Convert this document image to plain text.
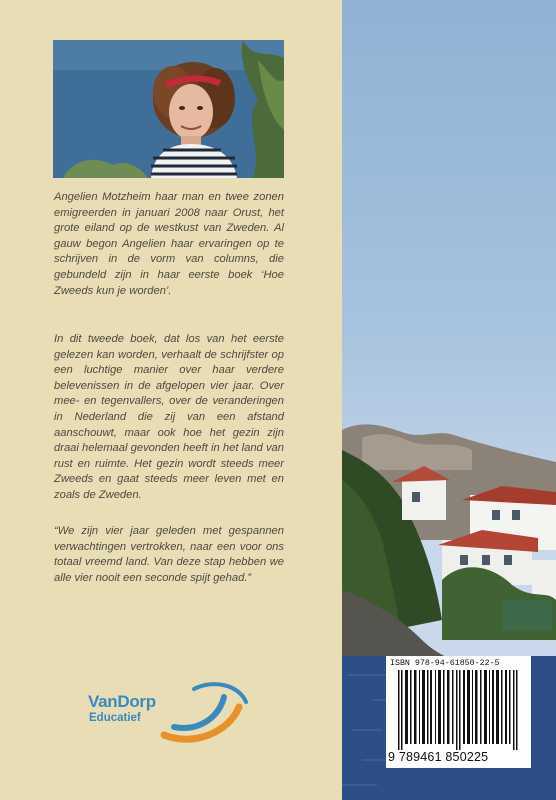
Angelien Motzheim haar man en twee zonen emigreerden in januari 2008 naar Orust, het grote eiland op de westkust van Zweden. Al gauw begon Angelien haar ervaringen op te schrijven in de vorm van columns, die gebundeld zijn in haar eerste boek ‘Hoe Zweeds kun je worden’.

In dit tweede boek, dat los van het eerste gelezen kan worden, verhaalt de schrijfster op een luchtige manier over haar verdere belevenissen in de afgelopen vier jaar. Over mee- en tegenvallers, over de veranderingen in Nederland die zij van een afstand aanschouwt, maar ook hoe het gezin zijn draai helemaal gevonden heeft in het land van rust en ruimte. Het gezin wordt steeds meer Zweeds en gaat steeds meer leven met en zoals de Zweden.

“We zijn vier jaar geleden met gespannen verwachtingen vertrokken, naar een voor ons totaal vreemd land. Van deze stap hebben we alle vier nooit een seconde spijt gehad.”

VanDorp
Educatief
ISBN 978-94-61850-22-5
9 789461 850225
